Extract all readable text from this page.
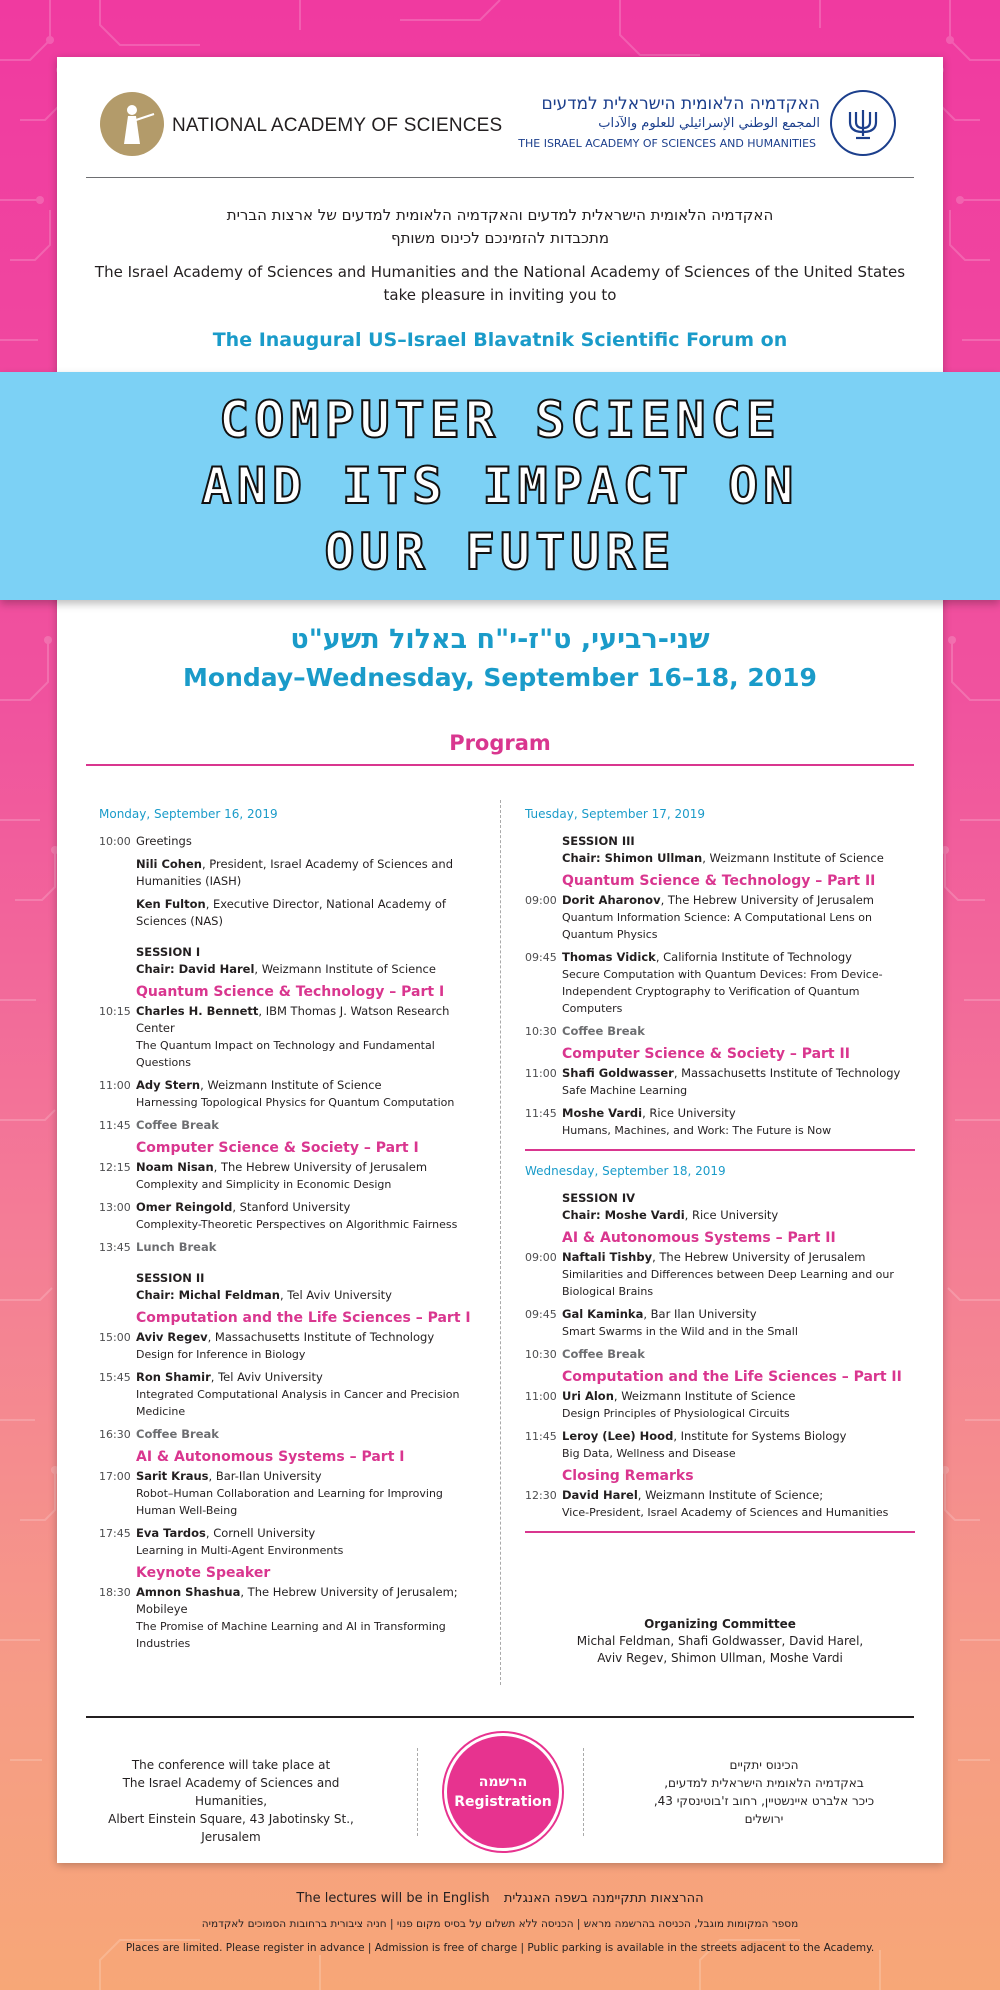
NATIONAL ACADEMY OF SCIENCES
האקדמיה הלאומית הישראלית למדעים
المجمع الوطني الإسرائيلي للعلوم والآداب
THE ISRAEL ACADEMY OF SCIENCES AND HUMANITIES
האקדמיה הלאומית הישראלית למדעים והאקדמיה הלאומית למדעים של ארצות הברית
מתכבדות להזמינכם לכינוס משותף
The Israel Academy of Sciences and Humanities and the National Academy of Sciences of the United States
take pleasure in inviting you to
The Inaugural US–Israel Blavatnik Scientific Forum on
COMPUTER SCIENCE
AND ITS IMPACT ON
OUR FUTURE
שני-רביעי, ט"ז-י"ח באלול תשע"ט
Monday–Wednesday, September 16–18, 2019
Program
Monday, September 16, 2019
10:00 Greetings
Nili Cohen, President, Israel Academy of Sciences and Humanities (IASH)
Ken Fulton, Executive Director, National Academy of Sciences (NAS)
SESSION I
Chair: David Harel, Weizmann Institute of Science
Quantum Science & Technology – Part I
10:15 Charles H. Bennett, IBM Thomas J. Watson Research Center
The Quantum Impact on Technology and Fundamental Questions
11:00 Ady Stern, Weizmann Institute of Science
Harnessing Topological Physics for Quantum Computation
11:45 Coffee Break
Computer Science & Society – Part I
12:15 Noam Nisan, The Hebrew University of Jerusalem
Complexity and Simplicity in Economic Design
13:00 Omer Reingold, Stanford University
Complexity-Theoretic Perspectives on Algorithmic Fairness
13:45 Lunch Break
SESSION II
Chair: Michal Feldman, Tel Aviv University
Computation and the Life Sciences – Part I
15:00 Aviv Regev, Massachusetts Institute of Technology
Design for Inference in Biology
15:45 Ron Shamir, Tel Aviv University
Integrated Computational Analysis in Cancer and Precision Medicine
16:30 Coffee Break
AI & Autonomous Systems – Part I
17:00 Sarit Kraus, Bar-Ilan University
Robot–Human Collaboration and Learning for Improving Human Well-Being
17:45 Eva Tardos, Cornell University
Learning in Multi-Agent Environments
Keynote Speaker
18:30 Amnon Shashua, The Hebrew University of Jerusalem; Mobileye
The Promise of Machine Learning and AI in Transforming Industries
Tuesday, September 17, 2019
SESSION III
Chair: Shimon Ullman, Weizmann Institute of Science
Quantum Science & Technology – Part II
09:00 Dorit Aharonov, The Hebrew University of Jerusalem
Quantum Information Science: A Computational Lens on Quantum Physics
09:45 Thomas Vidick, California Institute of Technology
Secure Computation with Quantum Devices: From Device-Independent Cryptography to Verification of Quantum Computers
10:30 Coffee Break
Computer Science & Society – Part II
11:00 Shafi Goldwasser, Massachusetts Institute of Technology
Safe Machine Learning
11:45 Moshe Vardi, Rice University
Humans, Machines, and Work: The Future is Now
Wednesday, September 18, 2019
SESSION IV
Chair: Moshe Vardi, Rice University
AI & Autonomous Systems – Part II
09:00 Naftali Tishby, The Hebrew University of Jerusalem
Similarities and Differences between Deep Learning and our Biological Brains
09:45 Gal Kaminka, Bar Ilan University
Smart Swarms in the Wild and in the Small
10:30 Coffee Break
Computation and the Life Sciences – Part II
11:00 Uri Alon, Weizmann Institute of Science
Design Principles of Physiological Circuits
11:45 Leroy (Lee) Hood, Institute for Systems Biology
Big Data, Wellness and Disease
Closing Remarks
12:30 David Harel, Weizmann Institute of Science;
Vice-President, Israel Academy of Sciences and Humanities
Organizing Committee
Michal Feldman, Shafi Goldwasser, David Harel,
Aviv Regev, Shimon Ullman, Moshe Vardi
The conference will take place at
The Israel Academy of Sciences and Humanities,
Albert Einstein Square, 43 Jabotinsky St.,
Jerusalem
הרשמה
Registration
הכינוס יתקיים
באקדמיה הלאומית הישראלית למדעים,
כיכר אלברט איינשטיין, רחוב ז'בוטינסקי 43,
ירושלים
The lectures will be in English ההרצאות תתקיימנה בשפה האנגלית
מספר המקומות מוגבל, הכניסה בהרשמה מראש | הכניסה ללא תשלום על בסיס מקום פנוי | חניה ציבורית ברחובות הסמוכים לאקדמיה
Places are limited. Please register in advance | Admission is free of charge | Public parking is available in the streets adjacent to the Academy.
